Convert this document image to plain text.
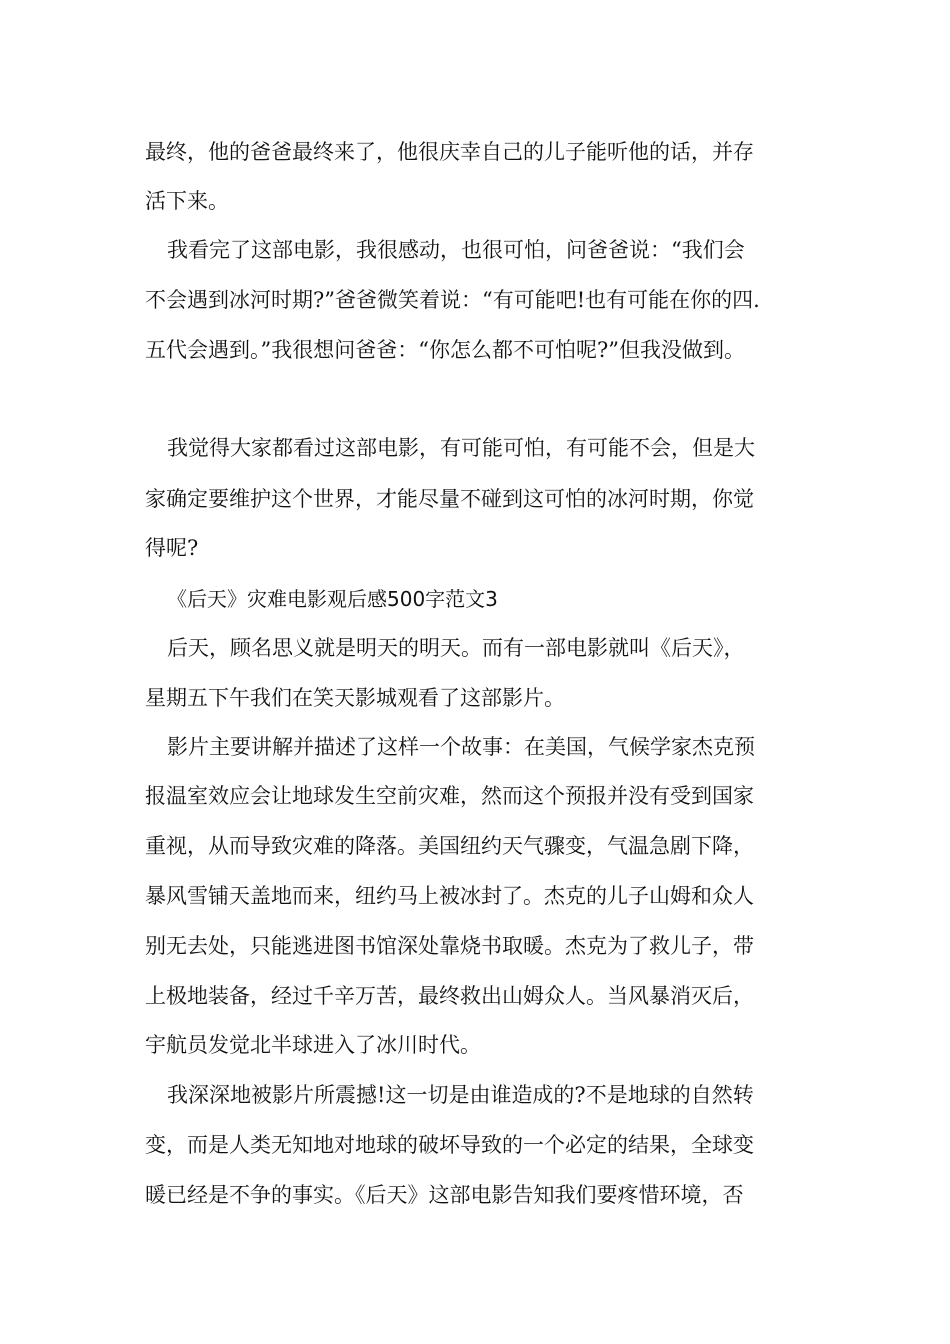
最终，他的爸爸最终来了，他很庆幸自己的儿子能听他的话，并存
活下来。
我看完了这部电影，我很感动，也很可怕，问爸爸说：“我们会
不会遇到冰河时期?”爸爸微笑着说：“有可能吧!也有可能在你的四.
五代会遇到。”我很想问爸爸：“你怎么都不可怕呢?”但我没做到。
我觉得大家都看过这部电影，有可能可怕，有可能不会，但是大
家确定要维护这个世界，才能尽量不碰到这可怕的冰河时期，你觉
得呢?
《后天》灾难电影观后感500字范文3
后天，顾名思义就是明天的明天。而有一部电影就叫《后天》，
星期五下午我们在笑天影城观看了这部影片。
影片主要讲解并描述了这样一个故事：在美国，气候学家杰克预
报温室效应会让地球发生空前灾难，然而这个预报并没有受到国家
重视，从而导致灾难的降落。美国纽约天气骤变，气温急剧下降，
暴风雪铺天盖地而来，纽约马上被冰封了。杰克的儿子山姆和众人
别无去处，只能逃进图书馆深处靠烧书取暖。杰克为了救儿子，带
上极地装备，经过千辛万苦，最终救出山姆众人。当风暴消灭后，
宇航员发觉北半球进入了冰川时代。
我深深地被影片所震撼!这一切是由谁造成的?不是地球的自然转
变，而是人类无知地对地球的破坏导致的一个必定的结果，全球变
暖已经是不争的事实。《后天》这部电影告知我们要疼惜环境，否
